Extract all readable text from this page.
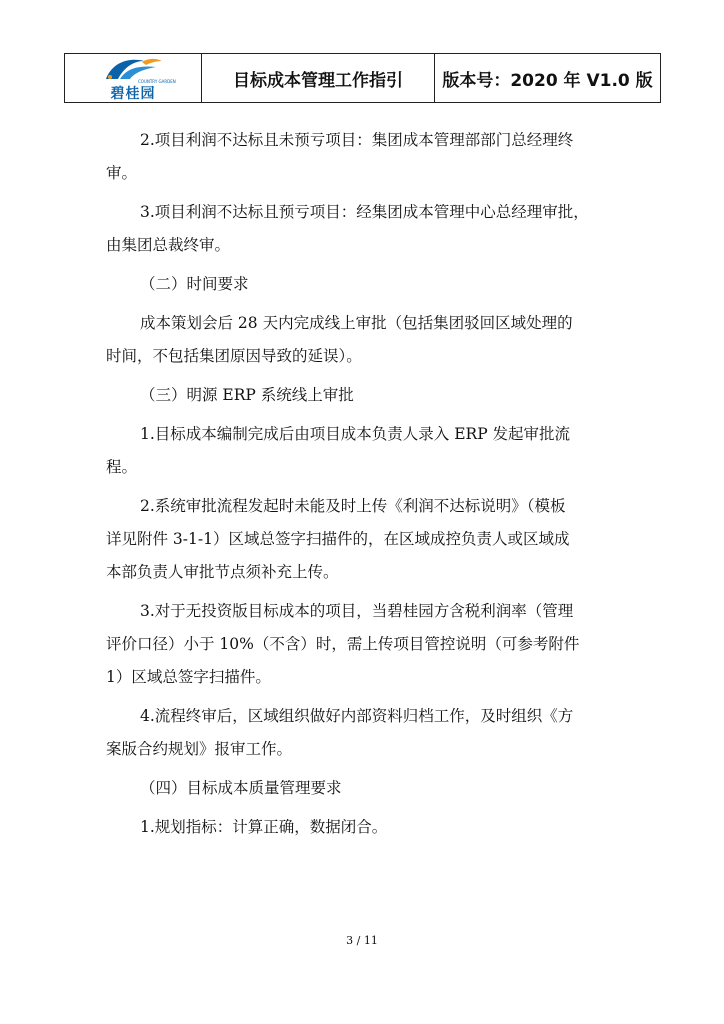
COUNTRY GARDEN
碧桂园
目标成本管理工作指引	版本号：2020 年 V1.0 版
2.项目利润不达标且未预亏项目：集团成本管理部部门总经理终
审。
3.项目利润不达标且预亏项目：经集团成本管理中心总经理审批，
由集团总裁终审。
（二）时间要求
成本策划会后 28 天内完成线上审批（包括集团驳回区域处理的
时间，不包括集团原因导致的延误）。
（三）明源 ERP 系统线上审批
1.目标成本编制完成后由项目成本负责人录入 ERP 发起审批流
程。
2.系统审批流程发起时未能及时上传《利润不达标说明》（模板
详见附件 3-1-1）区域总签字扫描件的，在区域成控负责人或区域成
本部负责人审批节点须补充上传。
3.对于无投资版目标成本的项目，当碧桂园方含税利润率（管理
评价口径）小于 10%（不含）时，需上传项目管控说明（可参考附件
1）区域总签字扫描件。
4.流程终审后，区域组织做好内部资料归档工作，及时组织《方
案版合约规划》报审工作。
（四）目标成本质量管理要求
1.规划指标：计算正确，数据闭合。
3 / 11
